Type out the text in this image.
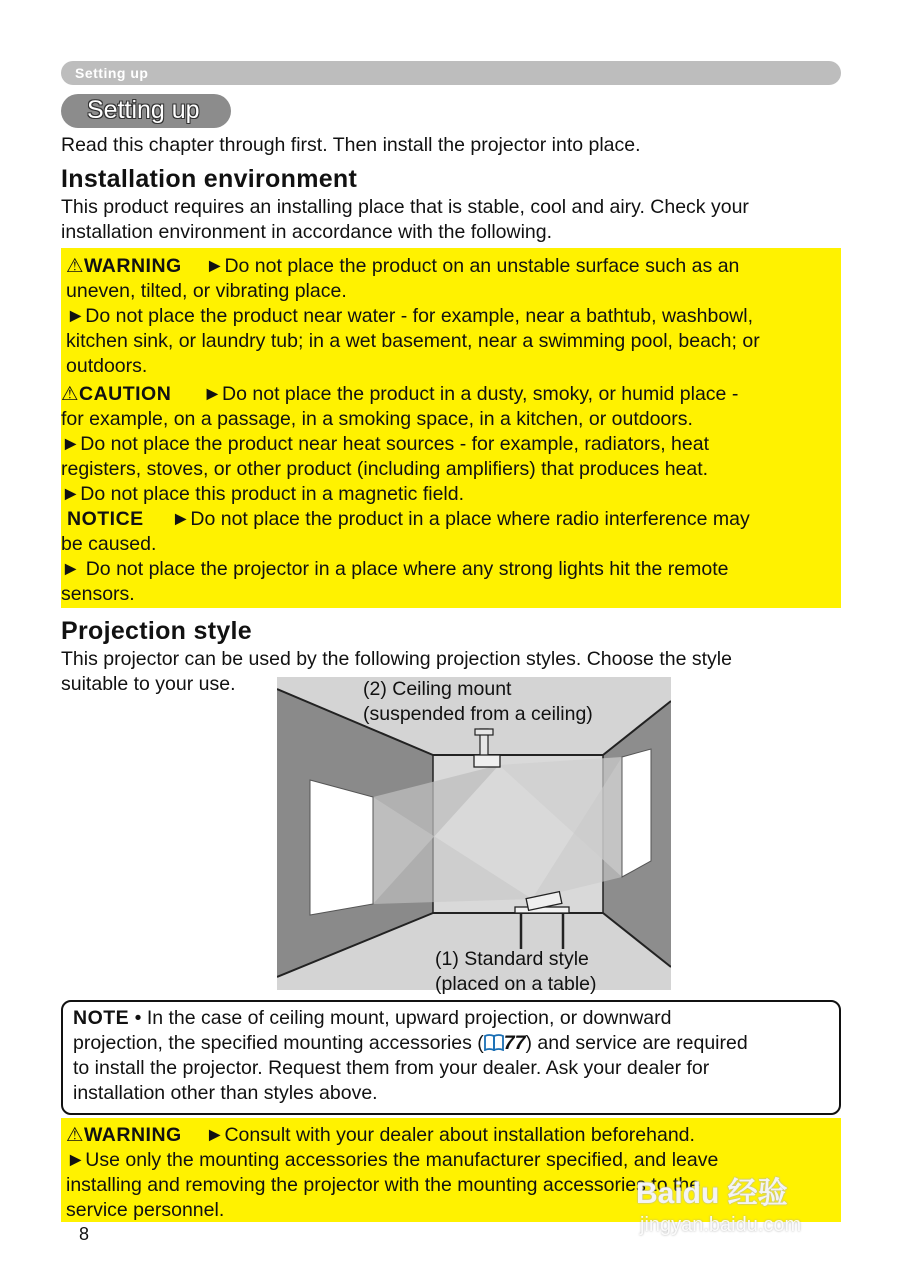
Setting up
Setting up

Read this chapter through first. Then install the projector into place.

Installation environment

This product requires an installing place that is stable, cool and airy. Check your

installation environment in accordance with the following.

⚠WARNING ►Do not place the product on an unstable surface such as an
uneven, tilted, or vibrating place.
►Do not place the product near water - for example, near a bathtub, washbowl,
kitchen sink, or laundry tub; in a wet basement, near a swimming pool, beach; or
outdoors.
⚠CAUTION ►Do not place the product in a dusty, smoky, or humid place -
for example, on a passage, in a smoking space, in a kitchen, or outdoors.
►Do not place the product near heat sources - for example, radiators, heat
registers, stoves, or other product (including amplifiers) that produces heat.
►Do not place this product in a magnetic field.
NOTICE ►Do not place the product in a place where radio interference may
be caused.
► Do not place the projector in a place where any strong lights hit the remote
sensors.
Projection style

This projector can be used by the following projection styles. Choose the style

suitable to your use.	(2) Ceiling mount
(suspended from a ceiling)
(1) Standard style
(placed on a table)
NOTE • In the case of ceiling mount, upward projection, or downward
projection, the specified mounting accessories ( 77) and service are required
to install the projector. Request them from your dealer. Ask your dealer for
installation other than styles above.
⚠WARNING ►Consult with your dealer about installation beforehand.
►Use only the mounting accessories the manufacturer specified, and leave
installing and removing the projector with the mounting accessories to the
service personnel.
8
Baidu 经验
jingyan.baidu.com
